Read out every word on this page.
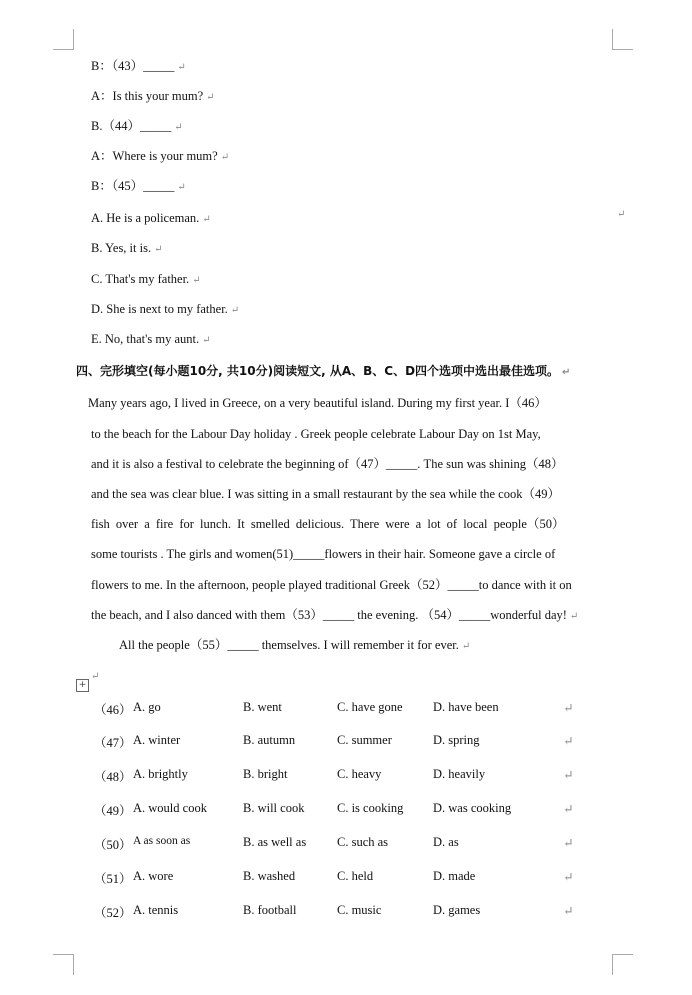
B：（43）_____ ↵
A：Is this your mum? ↵
B.（44）_____ ↵
A：Where is your mum? ↵
B：（45）_____ ↵
A. He is a policeman. ↵	↵
B. Yes, it is. ↵
C. That's my father. ↵
D. She is next to my father. ↵
E. No, that's my aunt. ↵
四、完形填空(每小题10分, 共10分)阅读短文, 从A、B、C、D四个选项中选出最佳选项。 ↵
Many years ago, I lived in Greece, on a very beautiful island. During my first year. I（46）
to the beach for the Labour Day holiday . Greek people celebrate Labour Day on 1st May,
and it is also a festival to celebrate the beginning of（47）_____. The sun was shining（48）
and the sea was clear blue. I was sitting in a small restaurant by the sea while the cook（49）
fish over a fire for lunch. It smelled delicious. There were a lot of local people（50）
some tourists . The girls and women(51)_____flowers in their hair. Someone gave a circle of
flowers to me. In the afternoon, people played traditional Greek（52）_____to dance with it on
the beach, and I also danced with them（53）_____ the evening. （54）_____wonderful day! ↵
All the people（55）_____ themselves. I will remember it for ever. ↵
+
↵
（46） A. go	B. went	C. have gone D. have been	↵
（47） A. winter	B. autumn	C. summer	D. spring	↵
（48） A. brightly	B. bright	C. heavy	D. heavily	↵
（49） A. would cook	B. will cook	C. is cooking D. was cooking	↵
（50） A as soon as	B. as well as C. such as	D. as	↵
（51） A. wore	B. washed	C. held	D. made	↵
（52） A. tennis	B. football	C. music	D. games	↵
